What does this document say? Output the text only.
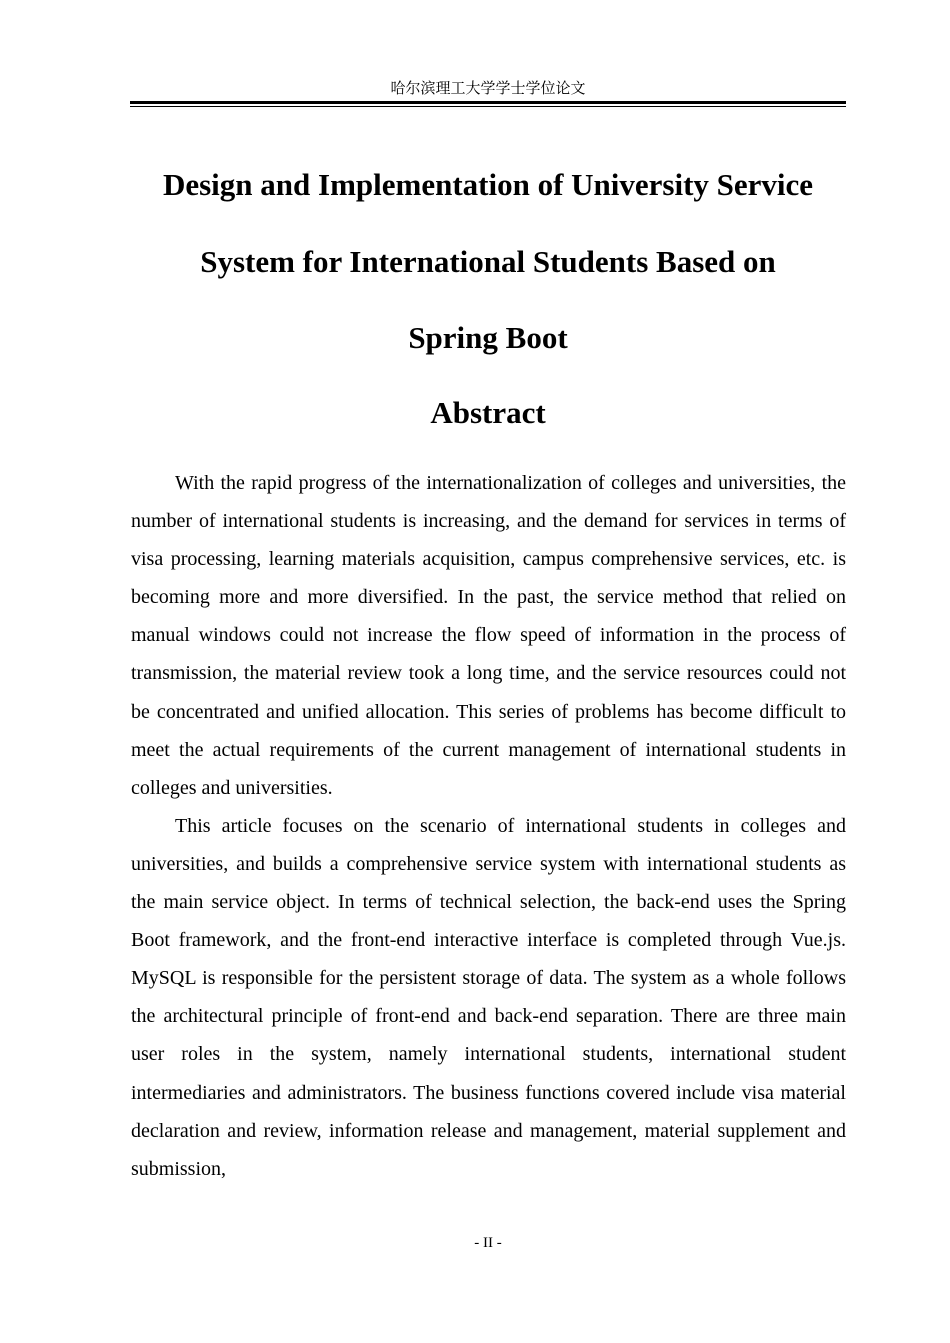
哈尔滨理工大学学士学位论文
Design and Implementation of University Service
System for International Students Based on
Spring Boot
Abstract

With the rapid progress of the internationalization of colleges and universities, the number of international students is increasing, and the demand for services in terms of visa processing, learning materials acquisition, campus comprehensive services, etc. is becoming more and more diversified. In the past, the service method that relied on manual windows could not increase the flow speed of information in the process of transmission, the material review took a long time, and the service resources could not be concentrated and unified allocation. This series of problems has become difficult to meet the actual requirements of the current management of international students in colleges and universities.

This article focuses on the scenario of international students in colleges and universities, and builds a comprehensive service system with international students as the main service object. In terms of technical selection, the back-end uses the Spring Boot framework, and the front-end interactive interface is completed through Vue.js. MySQL is responsible for the persistent storage of data. The system as a whole follows the architectural principle of front-end and back-end separation. There are three main user roles in the system, namely international students, international student intermediaries and administrators. The business functions covered include visa material declaration and review, information release and management, material supplement and submission,

- II -
